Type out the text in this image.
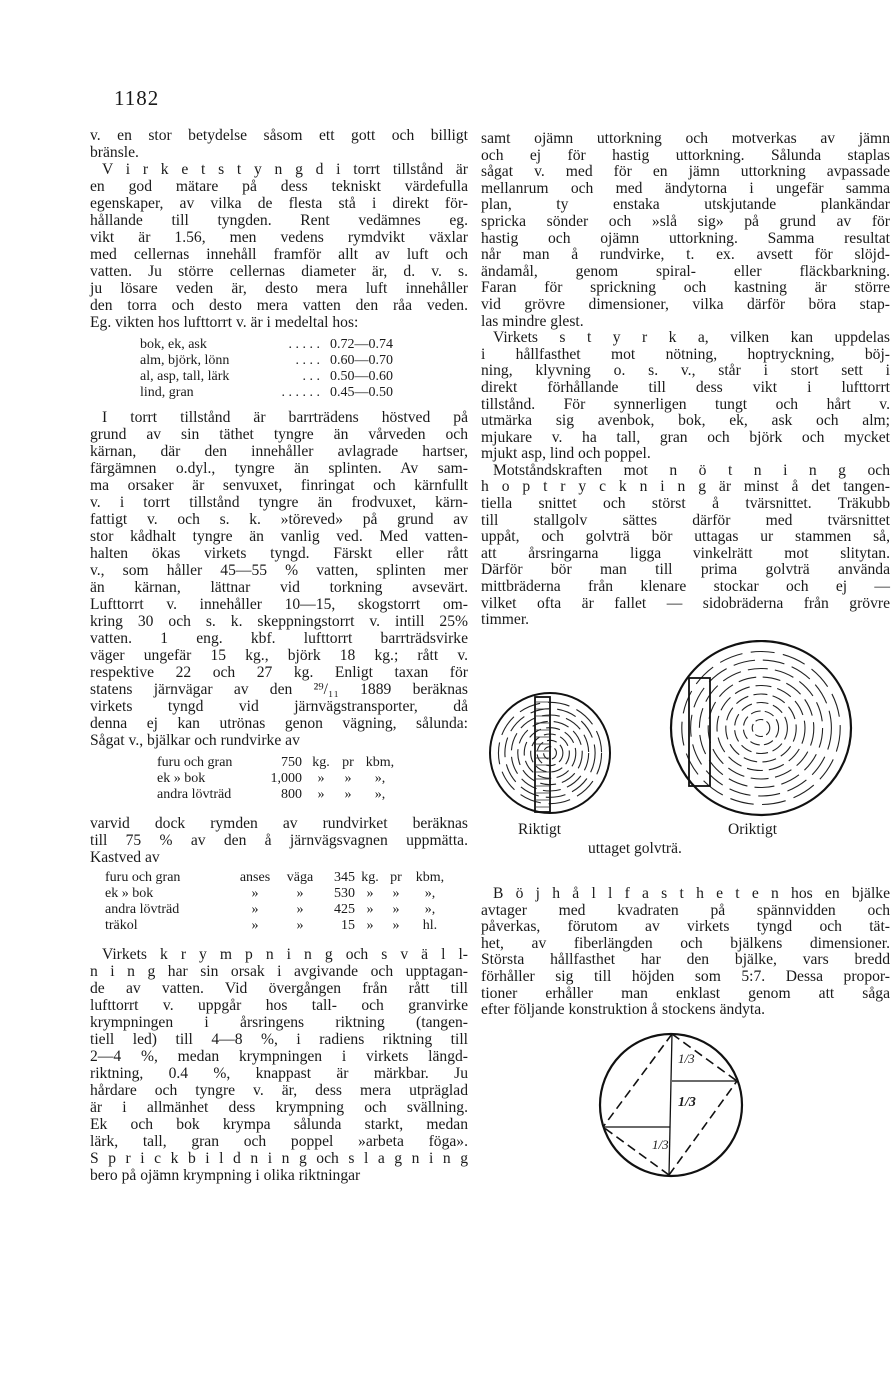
1182
v. en stor betydelse såsom ett gott och billigt
bränsle.
V i r k e t s t y n g d i torrt tillstånd är
en god mätare på dess tekniskt värdefulla
egenskaper, av vilka de flesta stå i direkt för-
hållande till tyngden. Rent vedämnes eg.
vikt är 1.56, men vedens rymdvikt växlar
med cellernas innehåll framför allt av luft och
vatten. Ju större cellernas diameter är, d. v. s.
ju lösare veden är, desto mera luft innehåller
den torra och desto mera vatten den råa veden.
Eg. vikten hos lufttorrt v. är i medeltal hos:
bok, ek, ask	. . . . . 0.72—0.74
alm, björk, lönn	. . . . 0.60—0.70
al, asp, tall, lärk	. . . 0.50—0.60
lind, gran	. . . . . . 0.45—0.50
I torrt tillstånd är barrträdens höstved på
grund av sin täthet tyngre än vårveden och
kärnan, där den innehåller avlagrade hartser,
färgämnen o.dyl., tyngre än splinten. Av sam-
ma orsaker är senvuxet, finringat och kärnfullt
v. i torrt tillstånd tyngre än frodvuxet, kärn-
fattigt v. och s. k. »töreved» på grund av
stor kådhalt tyngre än vanlig ved. Med vatten-
halten ökas virkets tyngd. Färskt eller rått
v., som håller 45—55 % vatten, splinten mer
än kärnan, lättnar vid torkning avsevärt.
Lufttorrt v. innehåller 10—15, skogstorrt om-
kring 30 och s. k. skeppningstorrt v. intill 25%
vatten. 1 eng. kbf. lufttorrt barrträdsvirke
väger ungefär 15 kg., björk 18 kg.; rått v.
respektive 22 och 27 kg. Enligt taxan för
statens järnvägar av den ²⁹/₁₁ 1889 beräknas
virkets tyngd vid järnvägstransporter, då
denna ej kan utrönas genon vägning, sålunda:
Sågat v., bjälkar och rundvirke av
furu och gran	750 kg. pr kbm,
ek » bok	1,000	»	»	»,
andra lövträd	800	»	»	»,
varvid dock rymden av rundvirket beräknas
till 75 % av den å järnvägsvagnen uppmätta.
Kastved av
furu och gran	anses	väga	345 kg. pr kbm,
ek » bok	»	»	530 »	»	»,
andra lövträd	»	»	425 »	»	»,
träkol	»	»	15 »	»	hl.
Virkets k r y m p n i n g och s v ä l l-
n i n g har sin orsak i avgivande och upptagan-
de av vatten. Vid övergången från rått till
lufttorrt v. uppgår hos tall- och granvirke
krympningen i årsringens riktning (tangen-
tiell led) till 4—8 %, i radiens riktning till
2—4 %, medan krympningen i virkets längd-
riktning, 0.4 %, knappast är märkbar. Ju
hårdare och tyngre v. är, dess mera utpräglad
är i allmänhet dess krympning och svällning.
Ek och bok krympa sålunda starkt, medan
lärk, tall, gran och poppel »arbeta föga».
S p r i c k b i l d n i n g och s l a g n i n g
bero på ojämn krympning i olika riktningar
samt ojämn uttorkning och motverkas av jämn
och ej för hastig uttorkning. Sålunda staplas
sågat v. med för en jämn uttorkning avpassade
mellanrum och med ändytorna i ungefär samma
plan, ty enstaka utskjutande plankändar
spricka sönder och »slå sig» på grund av för
hastig och ojämn uttorkning. Samma resultat
når man å rundvirke, t. ex. avsett för slöjd-
ändamål, genom spiral- eller fläckbarkning.
Faran för sprickning och kastning är större
vid grövre dimensioner, vilka därför böra stap-
las mindre glest.
Virkets s t y r k a, vilken kan uppdelas
i hållfasthet mot nötning, hoptryckning, böj-
ning, klyvning o. s. v., står i stort sett i
direkt förhållande till dess vikt i lufttorrt
tillstånd. För synnerligen tungt och hårt v.
utmärka sig avenbok, bok, ek, ask och alm;
mjukare v. ha tall, gran och björk och mycket
mjukt asp, lind och poppel.
Motståndskraften mot n ö t n i n g och
h o p t r y c k n i n g är minst å det tangen-
tiella snittet och störst å tvärsnittet. Träkubb
till stallgolv sättes därför med tvärsnittet
uppåt, och golvträ bör uttagas ur stammen så,
att årsringarna ligga vinkelrätt mot slitytan.
Därför bör man till prima golvträ använda
mittbräderna från klenare stockar och ej —
vilket ofta är fallet — sidobräderna från grövre
timmer.
Riktigt	Oriktigt
uttaget golvträ.
B ö j h å l l f a s t h e t e n hos en bjälke
avtager med kvadraten på spännvidden och
påverkas, förutom av virkets tyngd och tät-
het, av fiberlängden och bjälkens dimensioner.
Största hållfasthet har den bjälke, vars bredd
förhåller sig till höjden som 5:7. Dessa propor-
tioner erhåller man enklast genom att såga
efter följande konstruktion å stockens ändyta.
1/3
1/3
1/3
